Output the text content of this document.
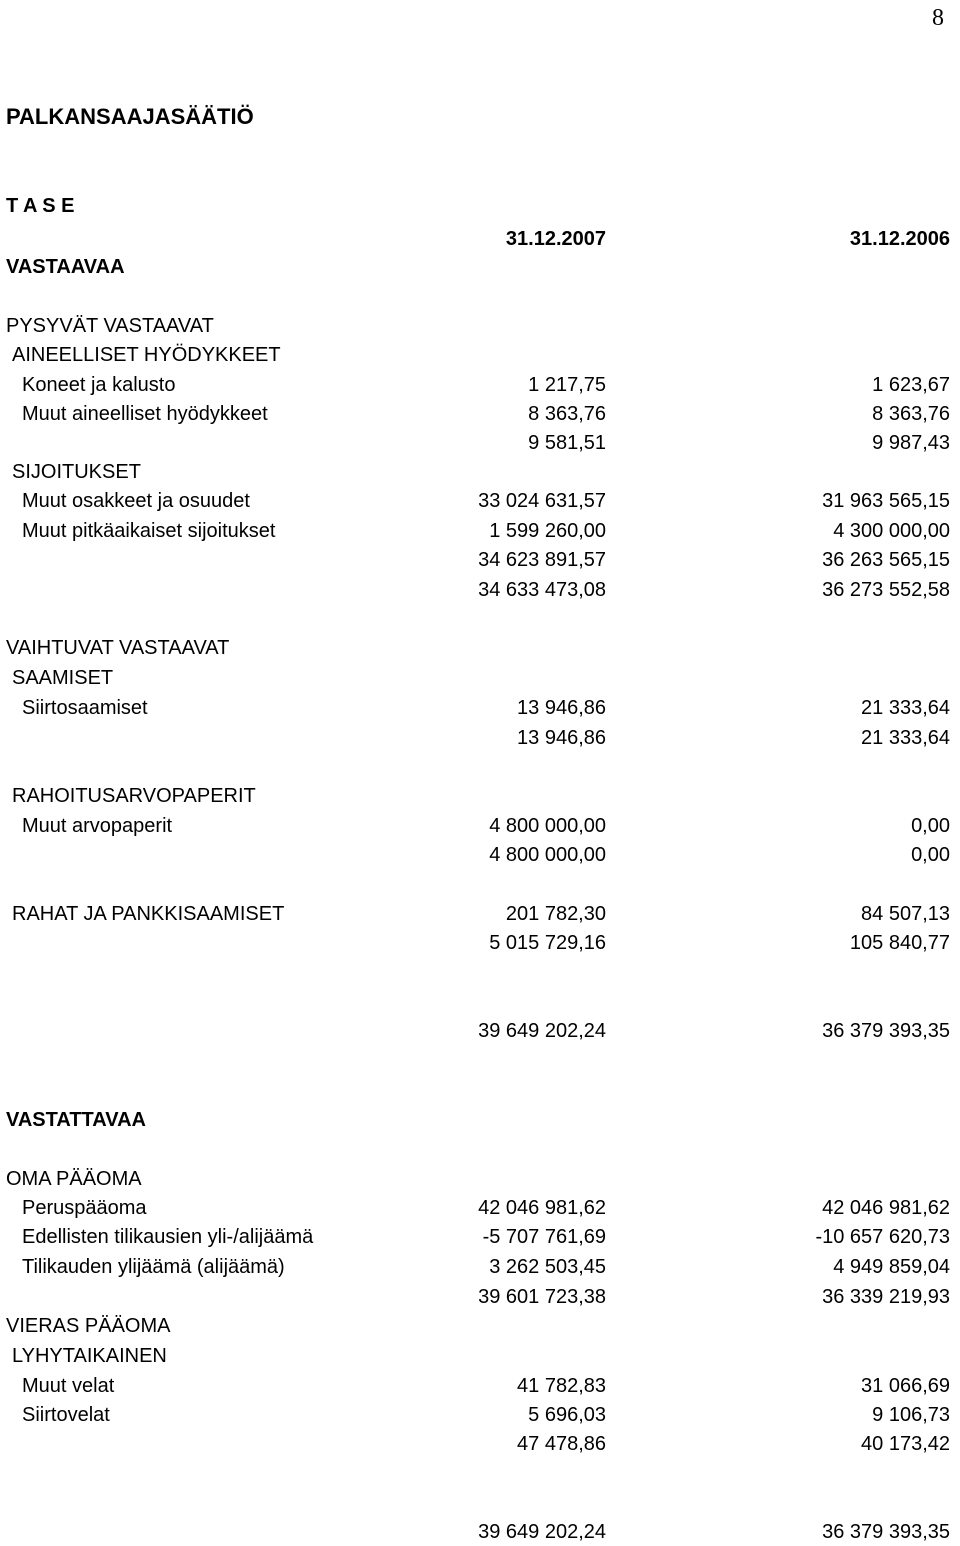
8
PALKANSAAJASÄÄTIÖ
T A S E
31.12.2007	31.12.2006
VASTAAVAA
PYSYVÄT VASTAAVAT
AINEELLISET HYÖDYKKEET
Koneet ja kalusto	1 217,75	1 623,67
Muut aineelliset hyödykkeet	8 363,76	8 363,76
9 581,51	9 987,43
SIJOITUKSET
Muut osakkeet ja osuudet	33 024 631,57	31 963 565,15
Muut pitkäaikaiset sijoitukset	1 599 260,00	4 300 000,00
34 623 891,57	36 263 565,15
34 633 473,08	36 273 552,58
VAIHTUVAT VASTAAVAT
SAAMISET
Siirtosaamiset	13 946,86	21 333,64
13 946,86	21 333,64
RAHOITUSARVOPAPERIT
Muut arvopaperit	4 800 000,00	0,00
4 800 000,00	0,00
RAHAT JA PANKKISAAMISET	201 782,30	84 507,13
5 015 729,16	105 840,77
39 649 202,24	36 379 393,35
VASTATTAVAA
OMA PÄÄOMA
Peruspääoma	42 046 981,62	42 046 981,62
Edellisten tilikausien yli-/alijäämä	-5 707 761,69	-10 657 620,73
Tilikauden ylijäämä (alijäämä)	3 262 503,45	4 949 859,04
39 601 723,38	36 339 219,93
VIERAS PÄÄOMA
LYHYTAIKAINEN
Muut velat	41 782,83	31 066,69
Siirtovelat	5 696,03	9 106,73
47 478,86	40 173,42
39 649 202,24	36 379 393,35
